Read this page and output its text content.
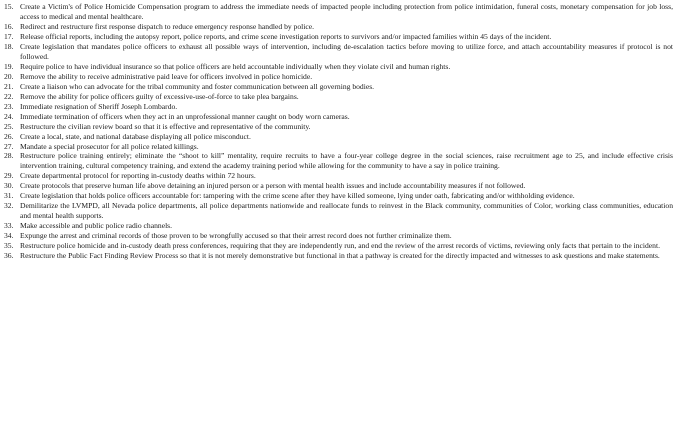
15. Create a Victim's of Police Homicide Compensation program to address the immediate needs of impacted people including protection from police intimidation, funeral costs, monetary compensation for job loss, access to medical and mental healthcare.
16. Redirect and restructure first response dispatch to reduce emergency response handled by police.
17. Release official reports, including the autopsy report, police reports, and crime scene investigation reports to survivors and/or impacted families within 45 days of the incident.
18. Create legislation that mandates police officers to exhaust all possible ways of intervention, including de-escalation tactics before moving to utilize force, and attach accountability measures if protocol is not followed.
19. Require police to have individual insurance so that police officers are held accountable individually when they violate civil and human rights.
20. Remove the ability to receive administrative paid leave for officers involved in police homicide.
21. Create a liaison who can advocate for the tribal community and foster communication between all governing bodies.
22. Remove the ability for police officers guilty of excessive-use-of-force to take plea bargains.
23. Immediate resignation of Sheriff Joseph Lombardo.
24. Immediate termination of officers when they act in an unprofessional manner caught on body worn cameras.
25. Restructure the civilian review board so that it is effective and representative of the community.
26. Create a local, state, and national database displaying all police misconduct.
27. Mandate a special prosecutor for all police related killings.
28. Restructure police training entirely; eliminate the “shoot to kill” mentality, require recruits to have a four-year college degree in the social sciences, raise recruitment age to 25, and include effective crisis intervention training, cultural competency training, and extend the academy training period while allowing for the community to have a say in police training.
29. Create departmental protocol for reporting in-custody deaths within 72 hours.
30. Create protocols that preserve human life above detaining an injured person or a person with mental health issues and include accountability measures if not followed.
31. Create legislation that holds police officers accountable for: tampering with the crime scene after they have killed someone, lying under oath, fabricating and/or withholding evidence.
32. Demilitarize the LVMPD, all Nevada police departments, all police departments nationwide and reallocate funds to reinvest in the Black community, communities of Color, working class communities, education and mental health supports.
33. Make accessible and public police radio channels.
34. Expunge the arrest and criminal records of those proven to be wrongfully accused so that their arrest record does not further criminalize them.
35. Restructure police homicide and in-custody death press conferences, requiring that they are independently run, and end the review of the arrest records of victims, reviewing only facts that pertain to the incident.
36. Restructure the Public Fact Finding Review Process so that it is not merely demonstrative but functional in that a pathway is created for the directly impacted and witnesses to ask questions and make statements.
